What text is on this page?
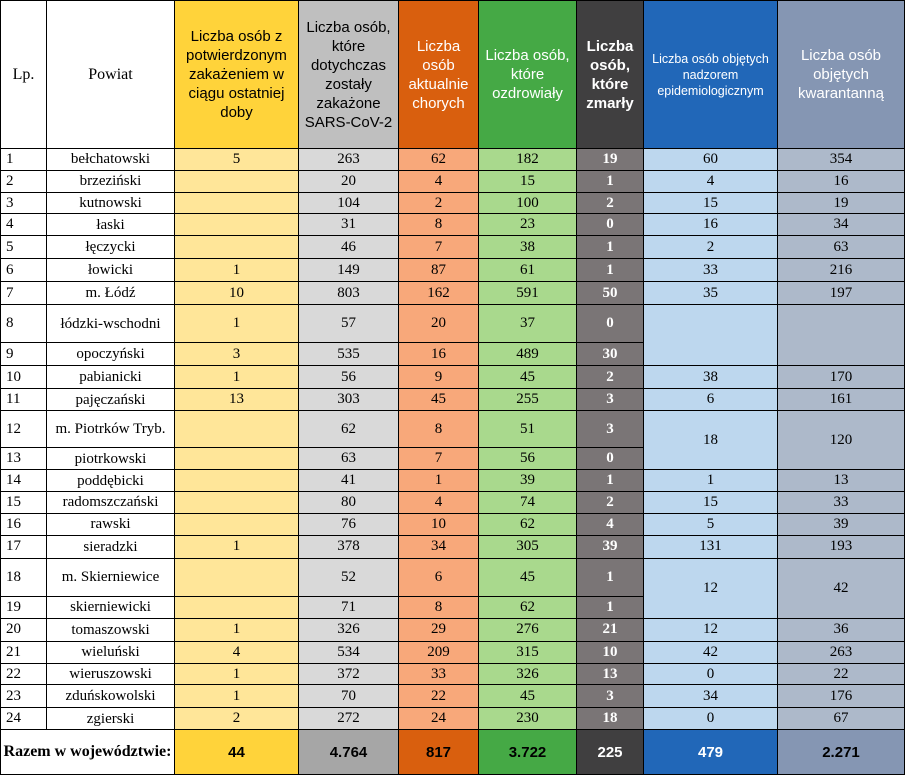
Lp.	Powiat	Liczba osób z potwierdzonym zakażeniem w ciągu ostatniej doby	Liczba osób, które dotychczas zostały zakażone SARS-CoV-2	Liczba osób aktualnie chorych	Liczba osób, które ozdrowiały	Liczba osób, które zmarły	Liczba osób objętych nadzorem epidemiologicznym	Liczba osób objętych kwarantanną
1	bełchatowski	5	263	62	182	19	60	354
2	brzeziński		20	4	15	1	4	16
3	kutnowski		104	2	100	2	15	19
4	łaski		31	8	23	0	16	34
5	łęczycki		46	7	38	1	2	63
6	łowicki	1	149	87	61	1	33	216
7	m. Łódź	10	803	162	591	50	35	197
8	łódzki-wschodni	1	57	20	37	0		
9	opoczyński	3	535	16	489	30		
10	pabianicki	1	56	9	45	2	38	170
11	pajęczański	13	303	45	255	3	6	161
12	m. Piotrków Tryb.		62	8	51	3	18	120
13	piotrkowski		63	7	56	0		
14	poddębicki		41	1	39	1	1	13
15	radomszczański		80	4	74	2	15	33
16	rawski		76	10	62	4	5	39
17	sieradzki	1	378	34	305	39	131	193
18	m. Skierniewice		52	6	45	1	12	42
19	skierniewicki		71	8	62	1		
20	tomaszowski	1	326	29	276	21	12	36
21	wieluński	4	534	209	315	10	42	263
22	wieruszowski	1	372	33	326	13	0	22
23	zduńskowolski	1	70	22	45	3	34	176
24	zgierski	2	272	24	230	18	0	67
Razem w województwie:		44	4.764	817	3.722	225	479	2.271
